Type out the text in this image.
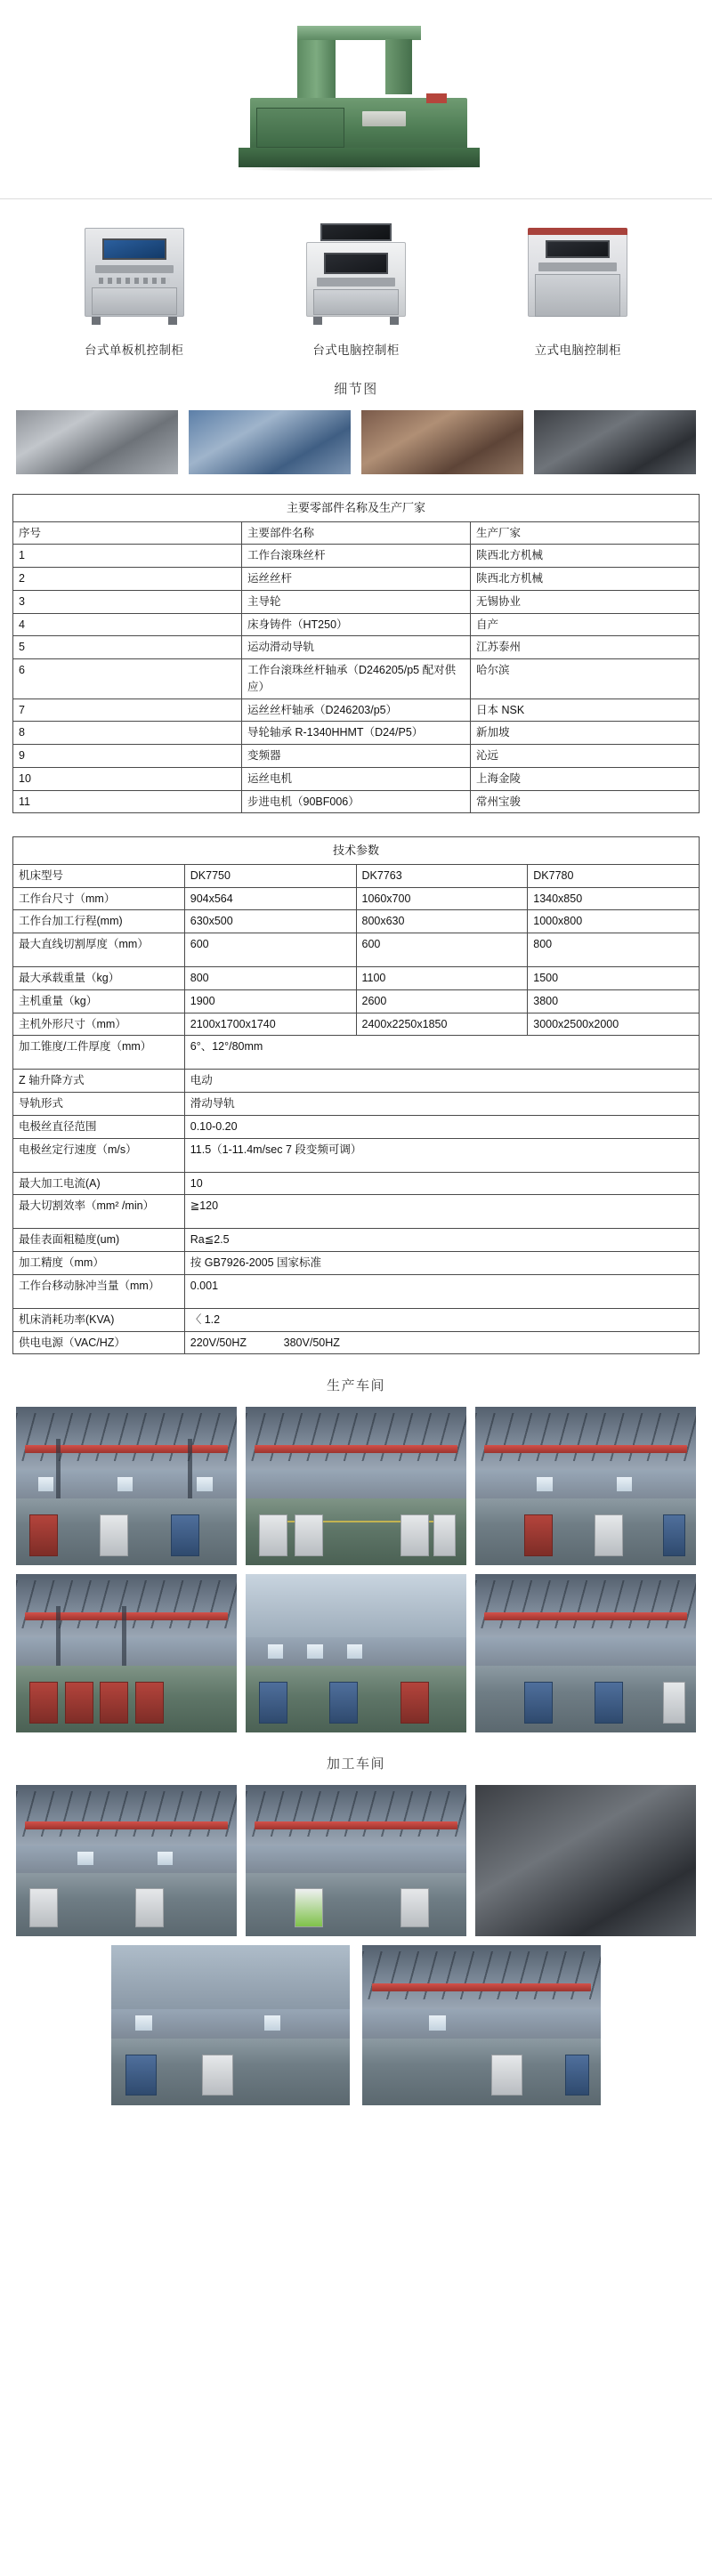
台式单板机控制柜	台式电脑控制柜	立式电脑控制柜
细节图
主要零部件名称及生产厂家		
序号	主要部件名称	生产厂家
1	工作台滚珠丝杆	陕西北方机械
2	运丝丝杆	陕西北方机械
3	主导轮	无锡协业
4	床身铸件（HT250）	自产
5	运动滑动导轨	江苏泰州
6	工作台滚珠丝杆轴承（D246205/p5 配对供应）	哈尔滨
7	运丝丝杆轴承（D246203/p5）	日本 NSK
8	导轮轴承 R-1340HHMT（D24/P5）	新加坡
9	变频器	沁远
10	运丝电机	上海金陵
11	步进电机（90BF006）	常州宝骏
技术参数			
机床型号	DK7750	DK7763	DK7780
工作台尺寸（mm）	904x564	1060x700	1340x850
工作台加工行程(mm)	630x500	800x630	1000x800
最大直线切割厚度（mm）	600	600	800
最大承载重量（kg）	800	1100	1500
主机重量（kg）	1900	2600	3800
主机外形尺寸（mm）	2100x1700x1740	2400x2250x1850	3000x2500x2000
加工锥度/工件厚度（mm）	6°、12°/80mm		
Z 轴升降方式	电动		
导轨形式	滑动导轨		
电极丝直径范围	0.10-0.20		
电极丝定行速度（m/s）	11.5（1-11.4m/sec 7 段变频可调）		
最大加工电流(A)	10		
最大切割效率（mm² /min）	≧120		
最佳表面粗糙度(um)	Ra≦2.5		
加工精度（mm）	按 GB7926-2005 国家标准		
工作台移动脉冲当量（mm）	0.001		
机床消耗功率(KVA)	〈 1.2		
供电电源（VAC/HZ）	220V/50HZ            380V/50HZ		
生产车间
加工车间
